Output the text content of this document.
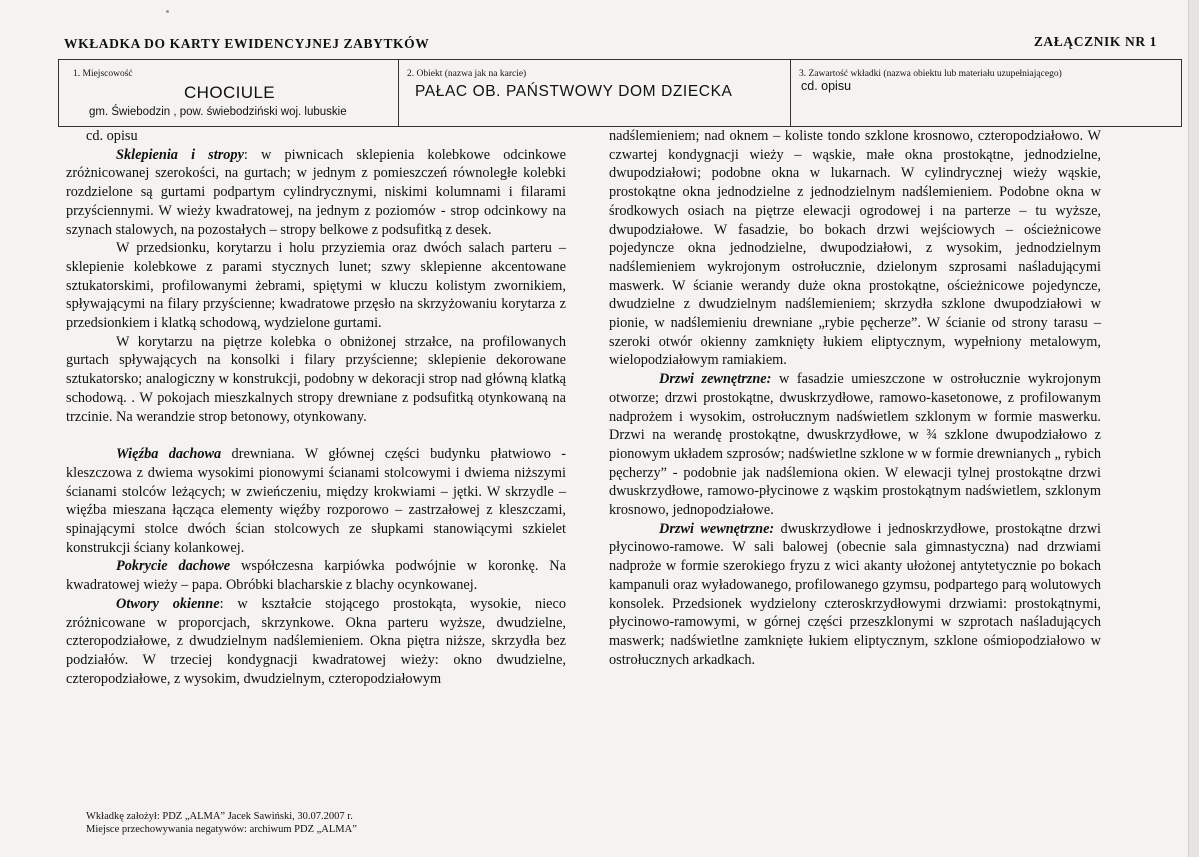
WKŁADKA DO KARTY EWIDENCYJNEJ ZABYTKÓW	ZAŁĄCZNIK NR 1
1. Miejscowość
CHOCIULE
gm. Świebodzin , pow. świebodziński woj. lubuskie
2. Obiekt (nazwa jak na karcie)
PAŁAC OB. PAŃSTWOWY DOM DZIECKA
3. Zawartość wkładki (nazwa obiektu lub materiału uzupełniającego)
cd. opisu

cd. opisu

Sklepienia i stropy: w piwnicach sklepienia kolebkowe odcinkowe zróżnicowanej szerokości, na gurtach; w jednym z pomieszczeń równoległe kolebki rozdzielone są gurtami podpartym cylindrycznymi, niskimi kolumnami i filarami przyściennymi. W wieży kwadratowej, na jednym z poziomów - strop odcinkowy na szynach stalowych, na pozostałych – stropy belkowe z podsufitką z desek.

W przedsionku, korytarzu i holu przyziemia oraz dwóch salach parteru – sklepienie kolebkowe z parami stycznych lunet; szwy sklepienne akcentowane sztukatorskimi, profilowanymi żebrami, spiętymi w kluczu kolistym zwornikiem, spływającymi na filary przyścienne; kwadratowe przęsło na skrzyżowaniu korytarza z przedsionkiem i klatką schodową, wydzielone gurtami.

W korytarzu na piętrze kolebka o obniżonej strzałce, na profilowanych gurtach spływających na konsolki i filary przyścienne; sklepienie dekorowane sztukatorsko; analogiczny w konstrukcji, podobny w dekoracji strop nad główną klatką schodową. . W pokojach mieszkalnych stropy drewniane z podsufitką otynkowaną na trzcinie. Na werandzie strop betonowy, otynkowany.

Więźba dachowa drewniana. W głównej części budynku płatwiowo - kleszczowa z dwiema wysokimi pionowymi ścianami stolcowymi i dwiema niższymi ścianami stolców leżących; w zwieńczeniu, między krokwiami – jętki. W skrzydle – więźba mieszana łącząca elementy więźby rozporowo – zastrzałowej z kleszczami, spinającymi stolce dwóch ścian stolcowych ze słupkami stanowiącymi szkielet konstrukcji ściany kolankowej.

Pokrycie dachowe współczesna karpiówka podwójnie w koronkę. Na kwadratowej wieży – papa. Obróbki blacharskie z blachy ocynkowanej.

Otwory okienne: w kształcie stojącego prostokąta, wysokie, nieco zróżnicowane w proporcjach, skrzynkowe. Okna parteru wyższe, dwudzielne, czteropodziałowe, z dwudzielnym nadślemieniem. Okna piętra niższe, skrzydła bez podziałów. W trzeciej kondygnacji kwadratowej wieży: okno dwudzielne, czteropodziałowe, z wysokim, dwudzielnym, czteropodziałowym

nadślemieniem; nad oknem – koliste tondo szklone krosnowo, czteropodziałowo. W czwartej kondygnacji wieży – wąskie, małe okna prostokątne, jednodzielne, dwupodziałowi; podobne okna w lukarnach. W cylindrycznej wieży wąskie, prostokątne okna jednodzielne z jednodzielnym nadślemieniem. Podobne okna w środkowych osiach na piętrze elewacji ogrodowej i na parterze – tu wyższe, dwupodziałowe. W fasadzie, bo bokach drzwi wejściowych – ościeżnicowe pojedyncze okna jednodzielne, dwupodziałowi, z wysokim, jednodzielnym nadślemieniem wykrojonym ostrołucznie, dzielonym szprosami naśladującymi maswerk. W ścianie werandy duże okna prostokątne, ościeżnicowe pojedyncze, dwudzielne z dwudzielnym nadślemieniem; skrzydła szklone dwupodziałowi w pionie, w nadślemieniu drewniane „rybie pęcherze”. W ścianie od strony tarasu – szeroki otwór okienny zamknięty łukiem eliptycznym, wypełniony metalowym, wielopodziałowym ramiakiem.

Drzwi zewnętrzne: w fasadzie umieszczone w ostrołucznie wykrojonym otworze; drzwi prostokątne, dwuskrzydłowe, ramowo-kasetonowe, z profilowanym nadprożem i wysokim, ostrołucznym nadświetlem szklonym w formie maswerku. Drzwi na werandę prostokątne, dwuskrzydłowe, w ¾ szklone dwupodziałowo z pionowym układem szprosów; nadświetlne szklone w w formie drewnianych „ rybich pęcherzy” - podobnie jak nadślemiona okien. W elewacji tylnej prostokątne drzwi dwuskrzydłowe, ramowo-płycinowe z wąskim prostokątnym nadświetlem, szklonym krosnowo, jednopodziałowe.

Drzwi wewnętrzne: dwuskrzydłowe i jednoskrzydłowe, prostokątne drzwi płycinowo-ramowe. W sali balowej (obecnie sala gimnastyczna) nad drzwiami nadproże w formie szerokiego fryzu z wici akanty ułożonej antytetycznie po bokach kampanuli oraz wyładowanego, profilowanego gzymsu, podpartego parą wolutowych konsolek. Przedsionek wydzielony czteroskrzydłowymi drzwiami: prostokątnymi, płycinowo-ramowymi, w górnej części przeszklonymi w szprotach naśladujących maswerk; nadświetlne zamknięte łukiem eliptycznym, szklone ośmiopodziałowo w ostrołucznych arkadkach.

Wkładkę założył: PDZ „ALMA” Jacek Sawiński, 30.07.2007 r.
Miejsce przechowywania negatywów: archiwum PDZ „ALMA”
